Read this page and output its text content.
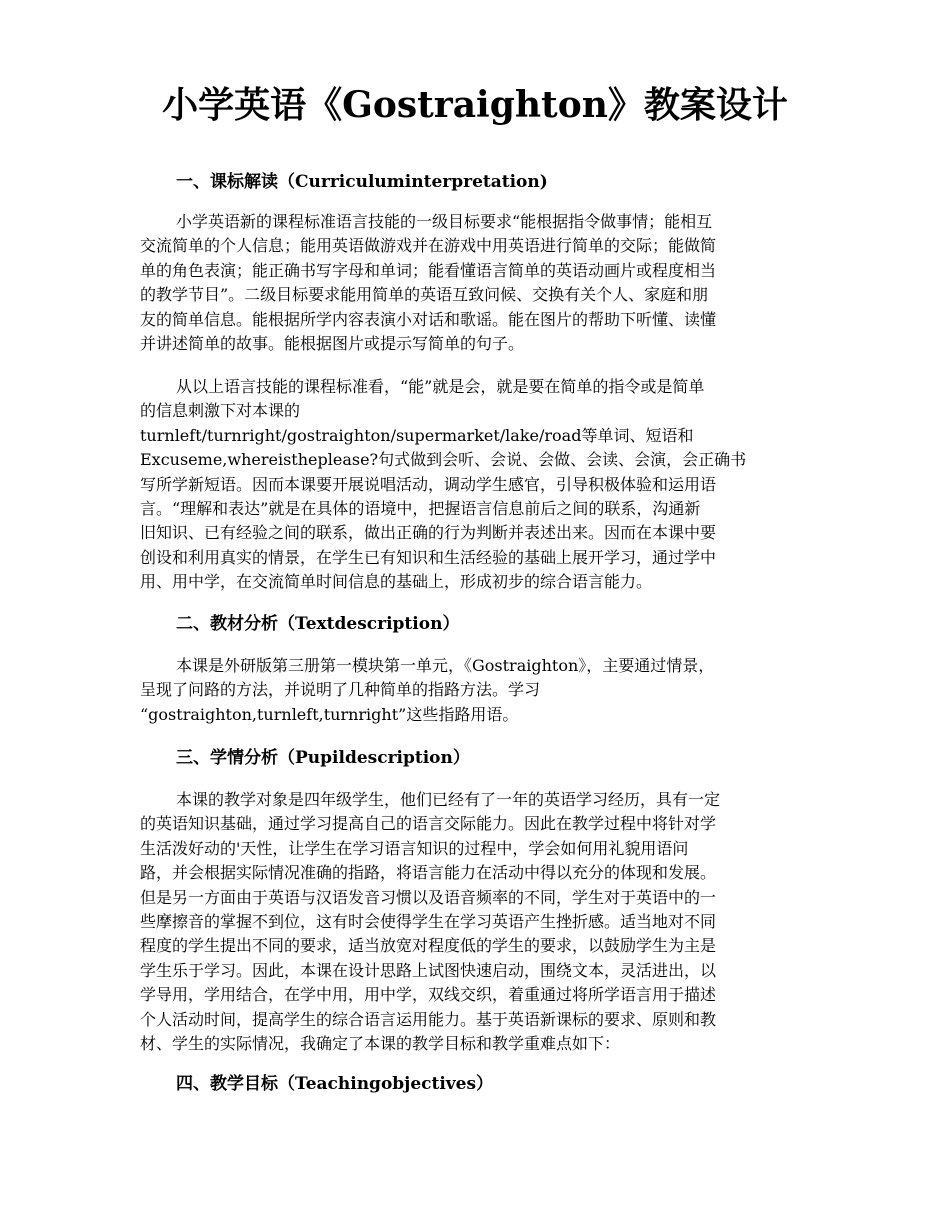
小学英语《Gostraighton》教案设计
一、课标解读（Curriculuminterpretation)
小学英语新的课程标准语言技能的一级目标要求“能根据指令做事情；能相互
交流简单的个人信息；能用英语做游戏并在游戏中用英语进行简单的交际；能做简
单的角色表演；能正确书写字母和单词；能看懂语言简单的英语动画片或程度相当
的教学节目”。二级目标要求能用简单的英语互致问候、交换有关个人、家庭和朋
友的简单信息。能根据所学内容表演小对话和歌谣。能在图片的帮助下听懂、读懂
并讲述简单的故事。能根据图片或提示写简单的句子。
从以上语言技能的课程标准看，“能”就是会，就是要在简单的指令或是简单
的信息刺激下对本课的
turnleft/turnright/gostraighton/supermarket/lake/road等单词、短语和
Excuseme,whereistheplease?句式做到会听、会说、会做、会读、会演，会正确书
写所学新短语。因而本课要开展说唱活动，调动学生感官，引导积极体验和运用语
言。“理解和表达”就是在具体的语境中，把握语言信息前后之间的联系，沟通新
旧知识、已有经验之间的联系，做出正确的行为判断并表述出来。因而在本课中要
创设和利用真实的情景，在学生已有知识和生活经验的基础上展开学习，通过学中
用、用中学，在交流简单时间信息的基础上，形成初步的综合语言能力。
二、教材分析（Textdescription）
本课是外研版第三册第一模块第一单元，《Gostraighton》，主要通过情景，
呈现了问路的方法，并说明了几种简单的指路方法。学习
“gostraighton,turnleft,turnright”这些指路用语。
三、学情分析（Pupildescription）
本课的教学对象是四年级学生，他们已经有了一年的英语学习经历，具有一定
的英语知识基础，通过学习提高自己的语言交际能力。因此在教学过程中将针对学
生活泼好动的'天性，让学生在学习语言知识的过程中，学会如何用礼貌用语问
路，并会根据实际情况准确的指路，将语言能力在活动中得以充分的体现和发展。
但是另一方面由于英语与汉语发音习惯以及语音频率的不同，学生对于英语中的一
些摩擦音的掌握不到位，这有时会使得学生在学习英语产生挫折感。适当地对不同
程度的学生提出不同的要求，适当放宽对程度低的学生的要求，以鼓励学生为主是
学生乐于学习。因此，本课在设计思路上试图快速启动，围绕文本，灵活进出，以
学导用，学用结合，在学中用，用中学，双线交织，着重通过将所学语言用于描述
个人活动时间，提高学生的综合语言运用能力。基于英语新课标的要求、原则和教
材、学生的实际情况，我确定了本课的教学目标和教学重难点如下：
四、教学目标（Teachingobjectives）
